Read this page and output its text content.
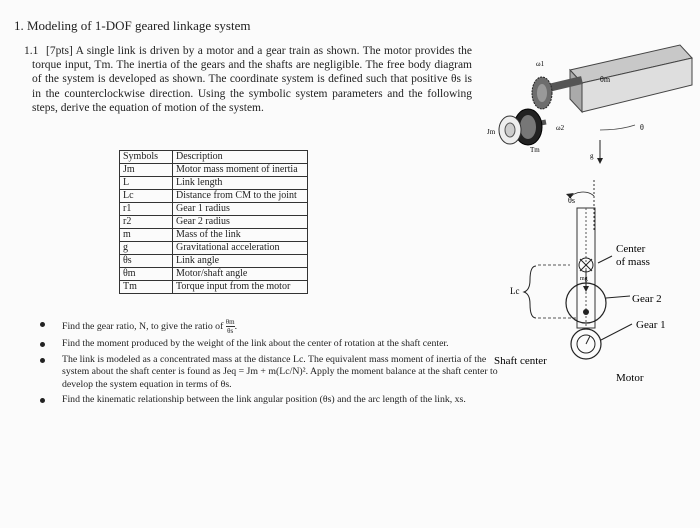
1. Modeling of 1-DOF geared linkage system
1.1 [7pts] A single link is driven by a motor and a gear train as shown. The motor provides the torque input, Tm. The inertia of the gears and the shafts are negligible. The free body diagram of the system is developed as shown. The coordinate system is defined such that positive θs is in the counterclockwise direction. Using the symbolic system parameters and the following steps, derive the equation of motion of the system.
Symbols	Description
Jm	Motor mass moment of inertia
L	Link length
Lc	Distance from CM to the joint
r1	Gear 1 radius
r2	Gear 2 radius
m	Mass of the link
g	Gravitational acceleration
θs	Link angle
θm	Motor/shaft angle
Tm	Torque input from the motor
Find the gear ratio, N, to give the ratio of $\frac{\theta m}{\theta s}$ .
Find the moment produced by the weight of the link about the center of rotation at the shaft center.
The link is modeled as a concentrated mass at the distance Lc. The equivalent mass moment of inertia of the system about the shaft center is found as Jeq = Jm + m(Lc/N)². Apply the moment balance at the shaft center to develop the system equation in terms of θs.
Find the kinematic relationship between the link angular position (θs) and the arc length of the link, xs.
θm
ω1
ω2
Tm
Jm	θ
g
θs
mg
Lc
Center of mass
Gear 2
Gear 1
Shaft center
Motor
